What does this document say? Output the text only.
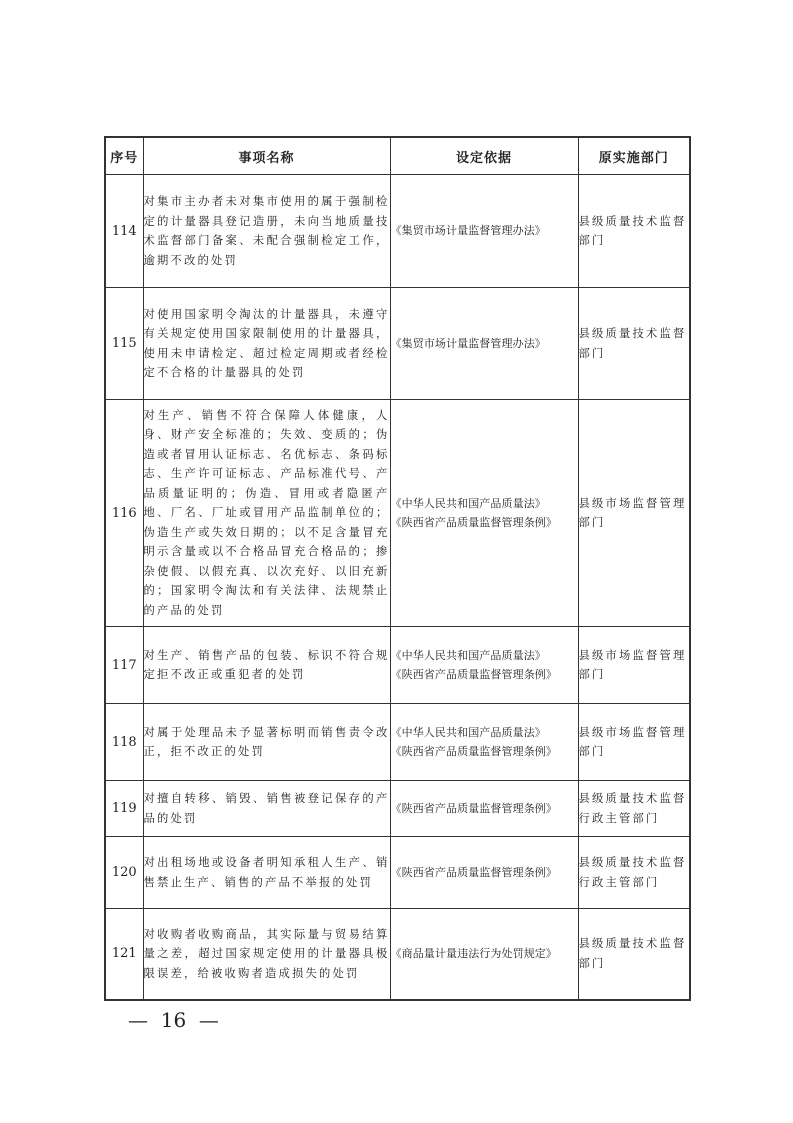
序号	事项名称	设定依据	原实施部门
114	对集市主办者未对集市使用的属于强制检定的计量器具登记造册，未向当地质量技术监督部门备案、未配合强制检定工作，逾期不改的处罚	《集贸市场计量监督管理办法》	县级质量技术监督部门
115	对使用国家明令淘汰的计量器具，未遵守有关规定使用国家限制使用的计量器具，使用未申请检定、超过检定周期或者经检定不合格的计量器具的处罚	《集贸市场计量监督管理办法》	县级质量技术监督部门
116	对生产、销售不符合保障人体健康，人身、财产安全标准的；失效、变质的；伪造或者冒用认证标志、名优标志、条码标志、生产许可证标志、产品标准代号、产品质量证明的；伪造、冒用或者隐匿产地、厂名、厂址或冒用产品监制单位的；伪造生产或失效日期的；以不足含量冒充明示含量或以不合格品冒充合格品的；掺杂使假、以假充真、以次充好、以旧充新的；国家明令淘汰和有关法律、法规禁止的产品的处罚	《中华人民共和国产品质量法》
《陕西省产品质量监督管理条例》	县级市场监督管理部门
117	对生产、销售产品的包装、标识不符合规定拒不改正或重犯者的处罚	《中华人民共和国产品质量法》
《陕西省产品质量监督管理条例》	县级市场监督管理部门
118	对属于处理品未予显著标明而销售责令改正，拒不改正的处罚	《中华人民共和国产品质量法》
《陕西省产品质量监督管理条例》	县级市场监督管理部门
119	对擅自转移、销毁、销售被登记保存的产品的处罚	《陕西省产品质量监督管理条例》	县级质量技术监督行政主管部门
120	对出租场地或设备者明知承租人生产、销售禁止生产、销售的产品不举报的处罚	《陕西省产品质量监督管理条例》	县级质量技术监督行政主管部门
121	对收购者收购商品，其实际量与贸易结算量之差，超过国家规定使用的计量器具极限误差，给被收购者造成损失的处罚	《商品量计量违法行为处罚规定》	县级质量技术监督部门
—  16  —
